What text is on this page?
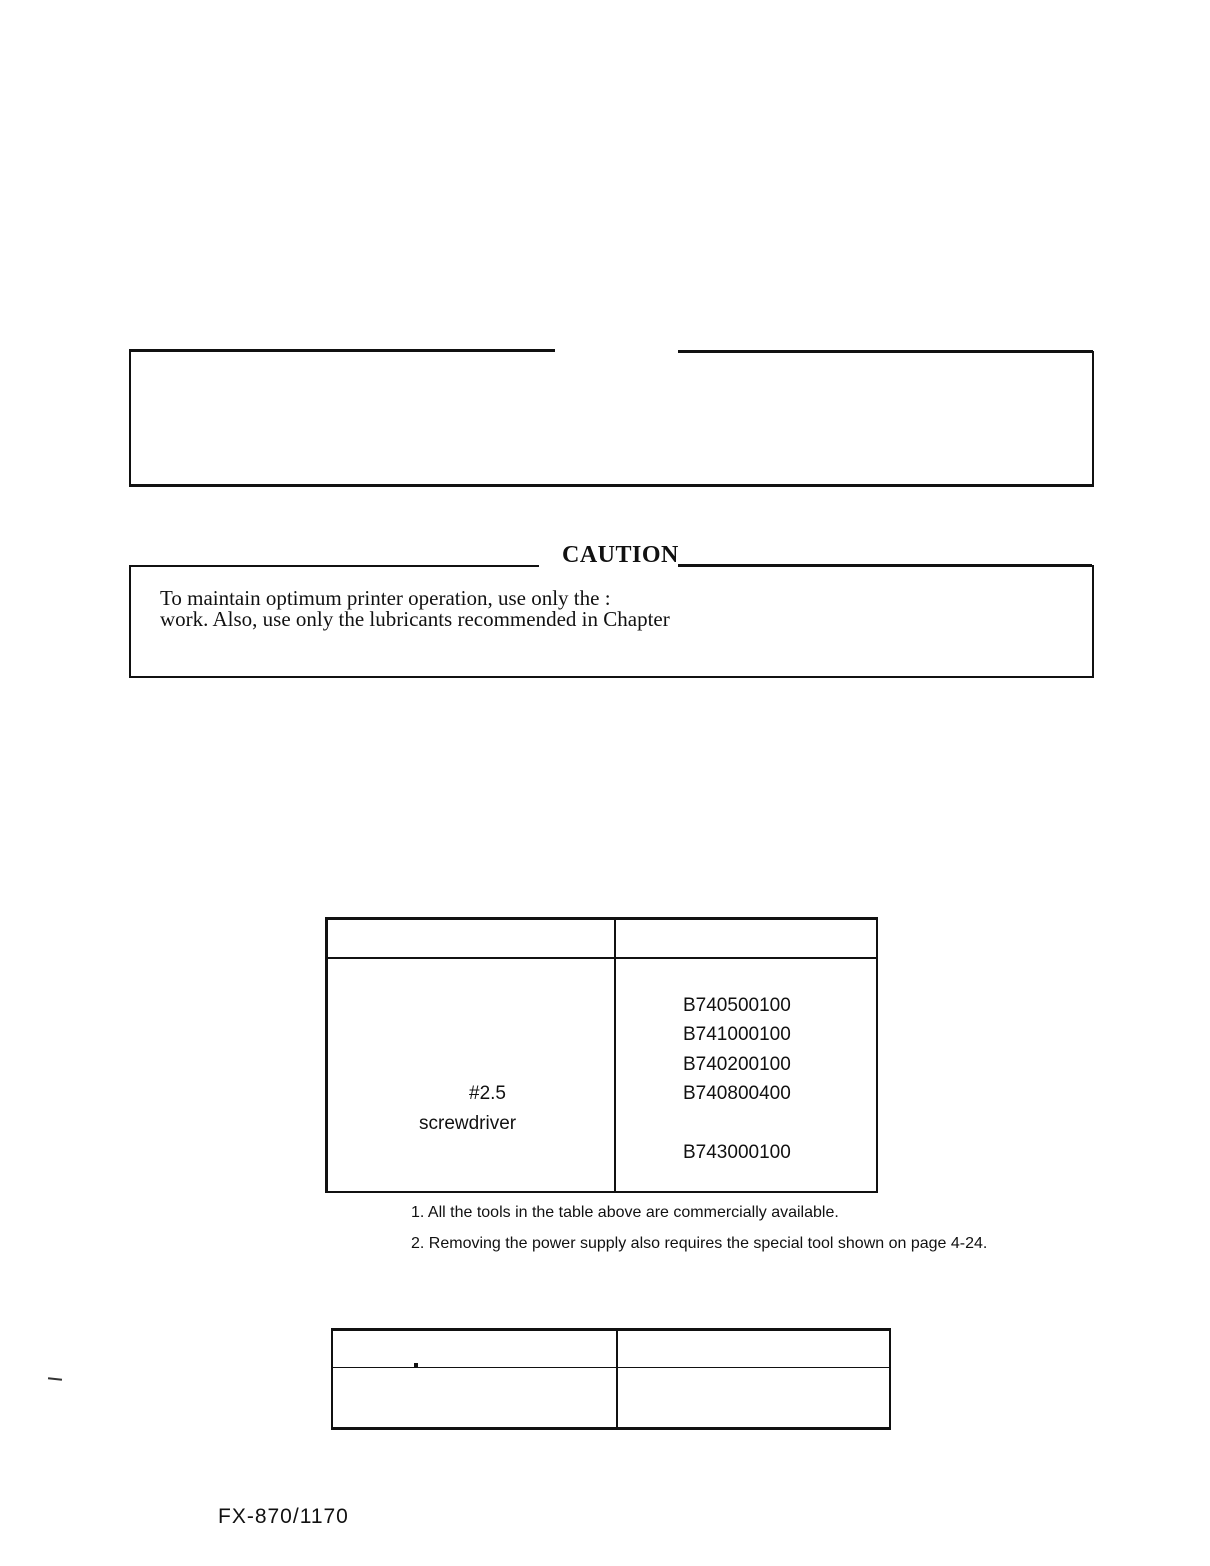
CAUTION
To maintain optimum printer operation, use only the :
work. Also, use only the lubricants recommended in Chapter
B740500100
B741000100
B740200100
#2.5	B740800400
screwdriver
B743000100
1. All the tools in the table above are commercially available.
2. Removing the power supply also requires the special tool shown on page 4-24.
FX-870/1170
